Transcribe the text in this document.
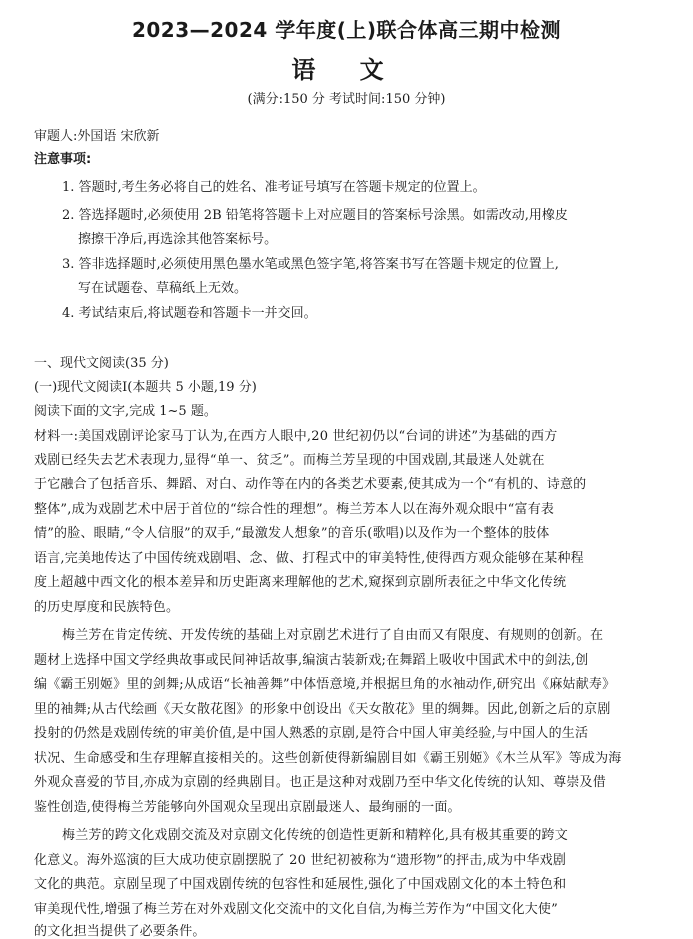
2023—2024 学年度(上)联合体高三期中检测
语 文
(满分:150 分 考试时间:150 分钟)
审题人:外国语 宋欣新
注意事项:
1. 答题时,考生务必将自己的姓名、准考证号填写在答题卡规定的位置上。
2. 答选择题时,必须使用 2B 铅笔将答题卡上对应题目的答案标号涂黑。如需改动,用橡皮
擦擦干净后,再选涂其他答案标号。
3. 答非选择题时,必须使用黑色墨水笔或黑色签字笔,将答案书写在答题卡规定的位置上,
写在试题卷、草稿纸上无效。
4. 考试结束后,将试题卷和答题卡一并交回。
一、现代文阅读(35 分)
(一)现代文阅读Ⅰ(本题共 5 小题,19 分)
阅读下面的文字,完成 1~5 题。
材料一:美国戏剧评论家马丁认为,在西方人眼中,20 世纪初仍以“台词的讲述”为基础的西方
戏剧已经失去艺术表现力,显得“单一、贫乏”。而梅兰芳呈现的中国戏剧,其最迷人处就在
于它融合了包括音乐、舞蹈、对白、动作等在内的各类艺术要素,使其成为一个“有机的、诗意的
整体”,成为戏剧艺术中居于首位的“综合性的理想”。梅兰芳本人以在海外观众眼中“富有表
情”的脸、眼睛,“令人信服”的双手,“最激发人想象”的音乐(歌唱)以及作为一个整体的肢体
语言,完美地传达了中国传统戏剧唱、念、做、打程式中的审美特性,使得西方观众能够在某种程
度上超越中西文化的根本差异和历史距离来理解他的艺术,窥探到京剧所表征之中华文化传统
的历史厚度和民族特色。
梅兰芳在肯定传统、开发传统的基础上对京剧艺术进行了自由而又有限度、有规则的创新。在
题材上选择中国文学经典故事或民间神话故事,编演古装新戏;在舞蹈上吸收中国武术中的剑法,创
编《霸王别姬》里的剑舞;从成语“长袖善舞”中体悟意境,并根据旦角的水袖动作,研究出《麻姑献寿》
里的袖舞;从古代绘画《天女散花图》的形象中创设出《天女散花》里的绸舞。因此,创新之后的京剧
投射的仍然是戏剧传统的审美价值,是中国人熟悉的京剧,是符合中国人审美经验,与中国人的生活
状况、生命感受和生存理解直接相关的。这些创新使得新编剧目如《霸王别姬》《木兰从军》等成为海
外观众喜爱的节目,亦成为京剧的经典剧目。也正是这种对戏剧乃至中华文化传统的认知、尊崇及借
鉴性创造,使得梅兰芳能够向外国观众呈现出京剧最迷人、最绚丽的一面。
梅兰芳的跨文化戏剧交流及对京剧文化传统的创造性更新和精粹化,具有极其重要的跨文
化意义。海外巡演的巨大成功使京剧摆脱了 20 世纪初被称为“遗形物”的抨击,成为中华戏剧
文化的典范。京剧呈现了中国戏剧传统的包容性和延展性,强化了中国戏剧文化的本土特色和
审美现代性,增强了梅兰芳在对外戏剧文化交流中的文化自信,为梅兰芳作为“中国文化大使”
的文化担当提供了必要条件。
